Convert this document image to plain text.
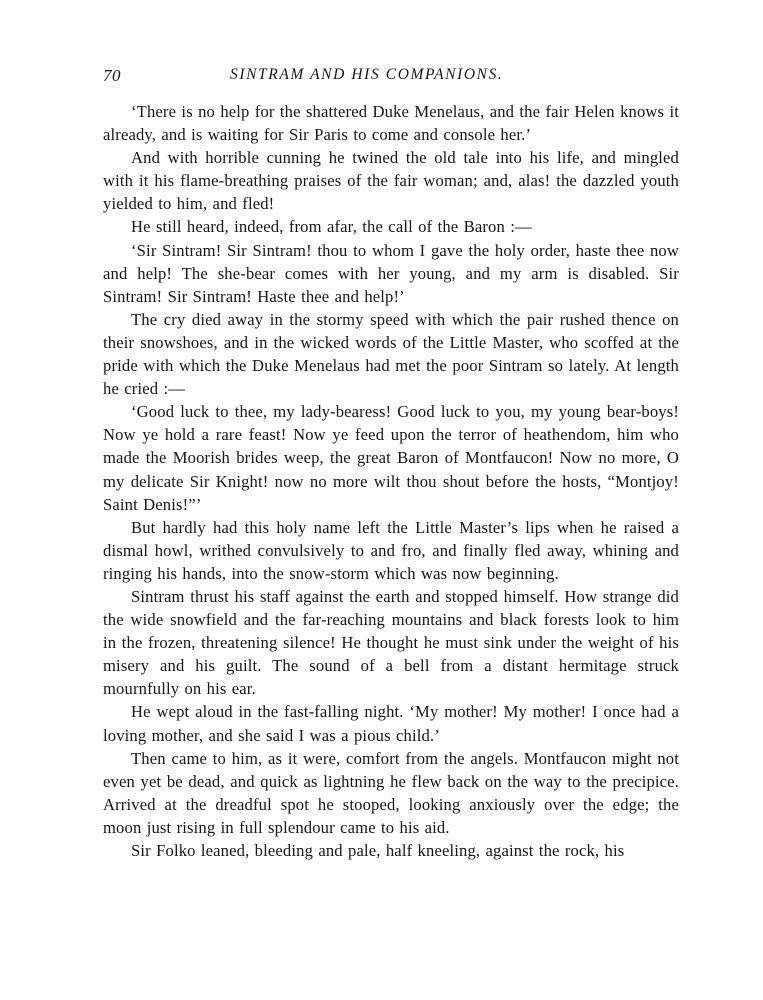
70	SINTRAM AND HIS COMPANIONS.

‘There is no help for the shattered Duke Menelaus, and the fair Helen knows it already, and is waiting for Sir Paris to come and console her.’

And with horrible cunning he twined the old tale into his life, and mingled with it his flame-breathing praises of the fair woman; and, alas! the dazzled youth yielded to him, and fled!

He still heard, indeed, from afar, the call of the Baron :—

‘Sir Sintram! Sir Sintram! thou to whom I gave the holy order, haste thee now and help! The she-bear comes with her young, and my arm is disabled. Sir Sintram! Sir Sintram! Haste thee and help!’

The cry died away in the stormy speed with which the pair rushed thence on their snowshoes, and in the wicked words of the Little Master, who scoffed at the pride with which the Duke Menelaus had met the poor Sintram so lately. At length he cried :—

‘Good luck to thee, my lady-bearess! Good luck to you, my young bear-boys! Now ye hold a rare feast! Now ye feed upon the terror of heathendom, him who made the Moorish brides weep, the great Baron of Montfaucon! Now no more, O my delicate Sir Knight! now no more wilt thou shout before the hosts, “Montjoy! Saint Denis!”’

But hardly had this holy name left the Little Master’s lips when he raised a dismal howl, writhed convulsively to and fro, and finally fled away, whining and ringing his hands, into the snow-storm which was now beginning.

Sintram thrust his staff against the earth and stopped himself. How strange did the wide snowfield and the far-reaching mountains and black forests look to him in the frozen, threatening silence! He thought he must sink under the weight of his misery and his guilt. The sound of a bell from a distant hermitage struck mournfully on his ear.

He wept aloud in the fast-falling night. ‘My mother! My mother! I once had a loving mother, and she said I was a pious child.’

Then came to him, as it were, comfort from the angels. Montfaucon might not even yet be dead, and quick as lightning he flew back on the way to the precipice. Arrived at the dreadful spot he stooped, looking anxiously over the edge; the moon just rising in full splendour came to his aid.

Sir Folko leaned, bleeding and pale, half kneeling, against the rock, his
